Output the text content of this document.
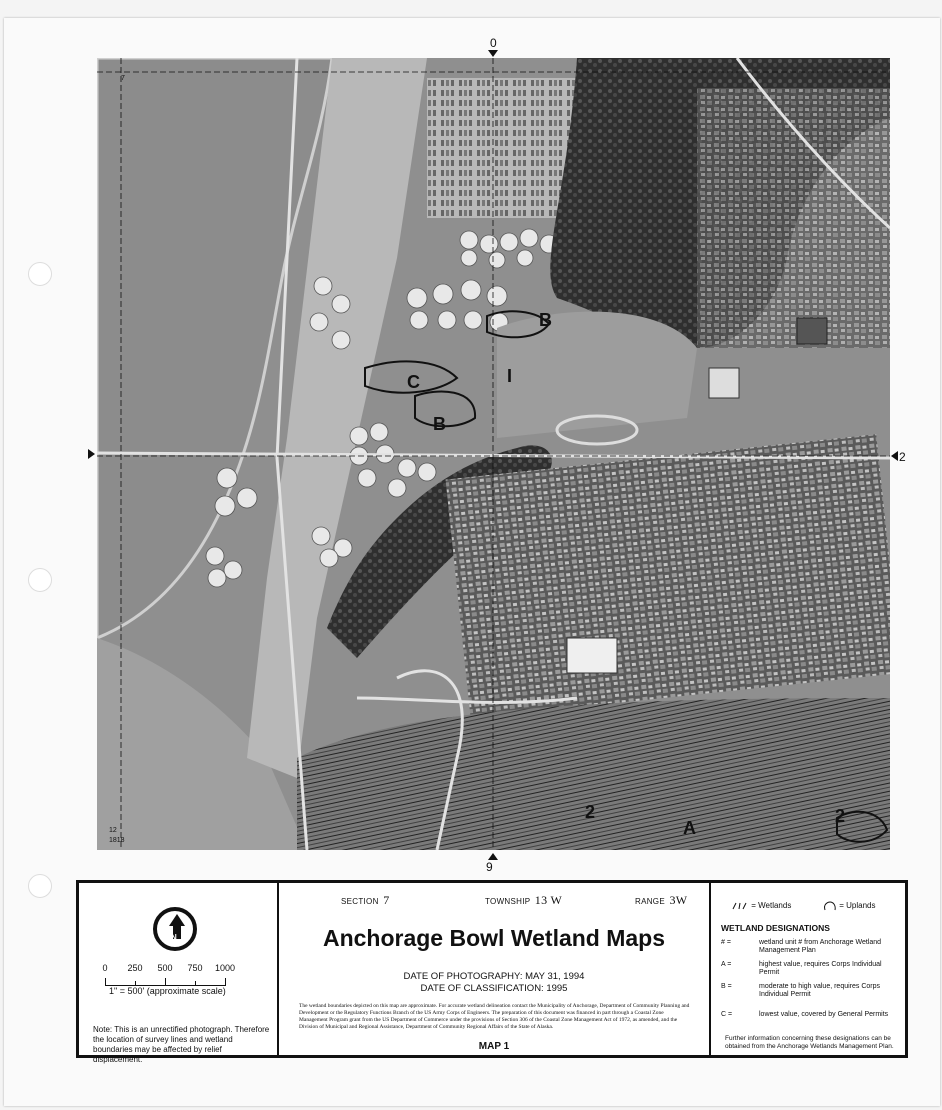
0
9
2
C
B
B
I
A
2	2
7
12
1818
N
0 250 500 750 1000
1" = 500' (approximate scale)
Note: This is an unrectified photograph. Therefore the location of survey lines and wetland boundaries may be affected by relief displacement.
SECTION 7	TOWNSHIP 13 W	RANGE 3W
Anchorage Bowl Wetland Maps
DATE OF PHOTOGRAPHY: MAY 31, 1994
DATE OF CLASSIFICATION: 1995
The wetland boundaries depicted on this map are approximate. For accurate wetland delineation contact the Municipality of Anchorage, Department of Community Planning and Development or the Regulatory Functions Branch of the US Army Corps of Engineers. The preparation of this document was financed in part through a Coastal Zone Management Program grant from the US Department of Commerce under the provisions of Section 306 of the Coastal Zone Management Act of 1972, as amended, and the Division of Municipal and Regional Assistance, Department of Community Regional Affairs of the State of Alaska.
MAP 1
= Wetlands	= Uplands
WETLAND DESIGNATIONS
# =	wetland unit # from Anchorage Wetland Management Plan
A =	highest value, requires Corps Individual Permit
B =	moderate to high value, requires Corps Individual Permit
C =	lowest value, covered by General Permits
Further information concerning these designations can be obtained from the Anchorage Wetlands Management Plan.
